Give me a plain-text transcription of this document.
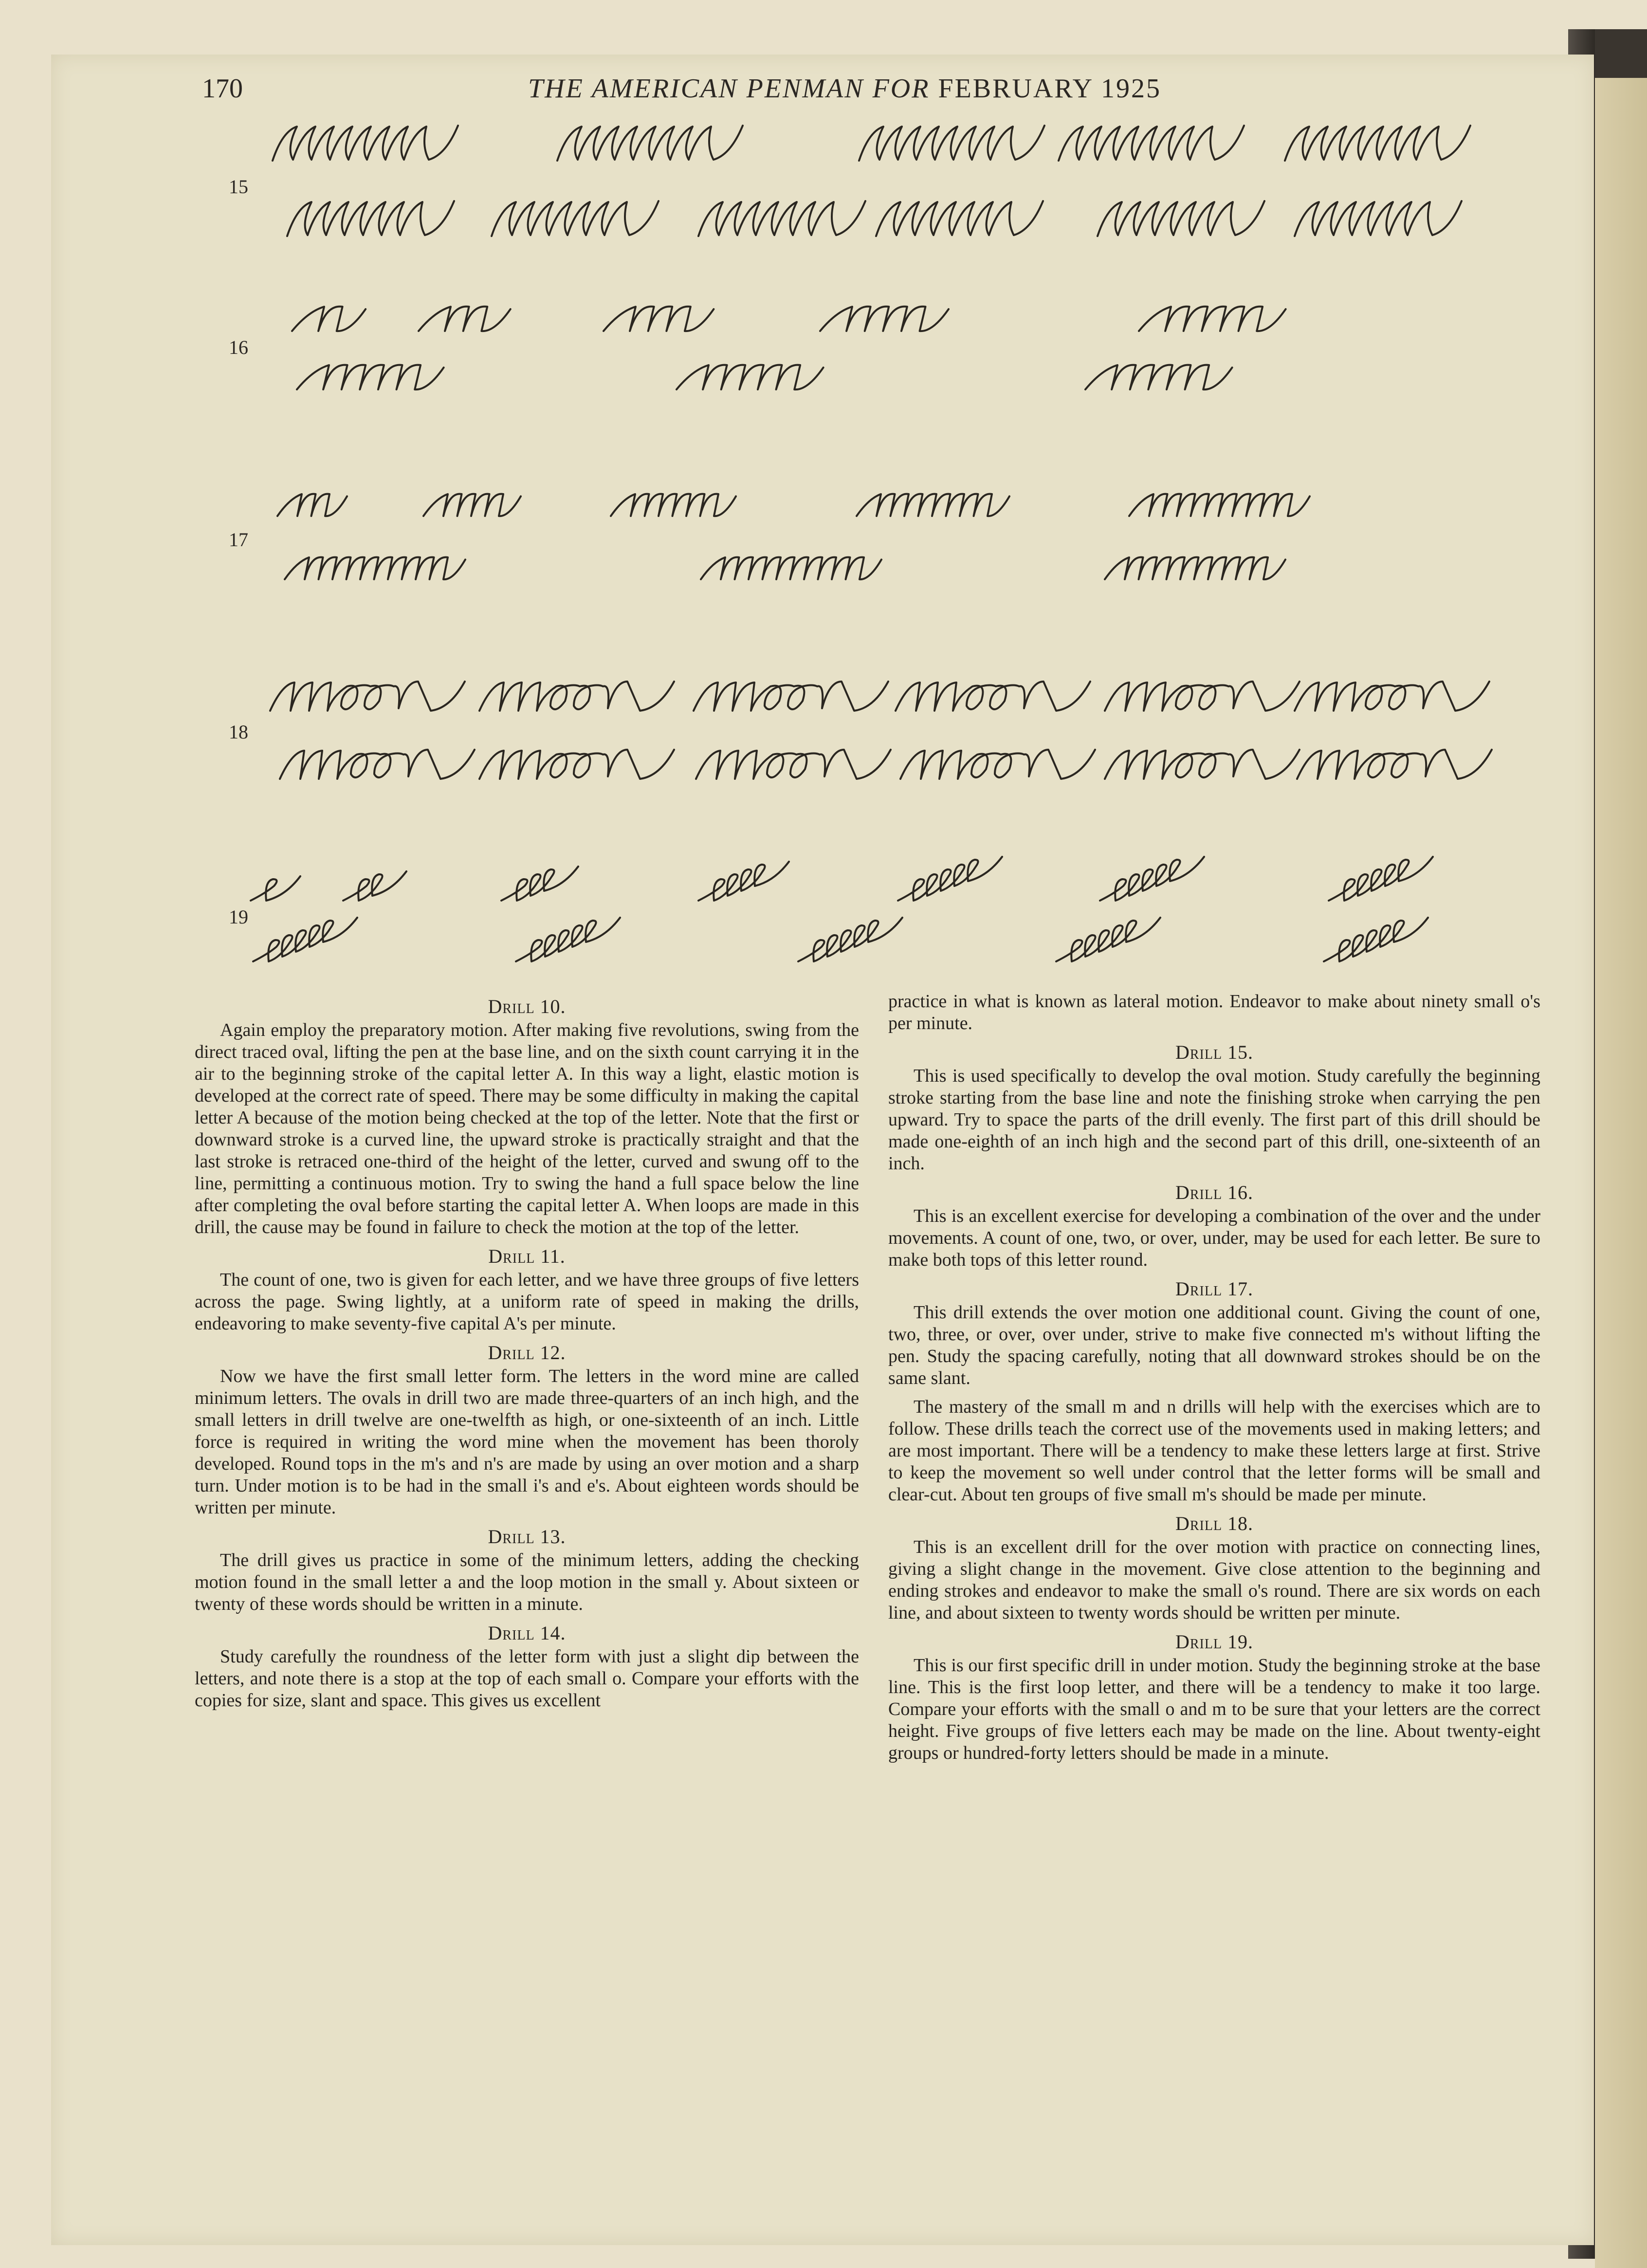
170	THE AMERICAN PENMAN FOR FEBRUARY 1925
15
16
17
18
19
Drill 10.

Again employ the preparatory motion. After making five revolutions, swing from the direct traced oval, lifting the pen at the base line, and on the sixth count carrying it in the air to the beginning stroke of the capital letter A. In this way a light, elastic motion is developed at the correct rate of speed. There may be some difficulty in making the capital letter A because of the motion being checked at the top of the letter. Note that the first or downward stroke is a curved line, the upward stroke is practically straight and that the last stroke is retraced one-third of the height of the letter, curved and swung off to the line, permitting a continuous motion. Try to swing the hand a full space below the line after completing the oval before starting the capital letter A. When loops are made in this drill, the cause may be found in failure to check the motion at the top of the letter.

Drill 11.

The count of one, two is given for each letter, and we have three groups of five letters across the page. Swing lightly, at a uniform rate of speed in making the drills, endeavoring to make seventy-five capital A's per minute.

Drill 12.

Now we have the first small letter form. The letters in the word mine are called minimum letters. The ovals in drill two are made three-quarters of an inch high, and the small letters in drill twelve are one-twelfth as high, or one-sixteenth of an inch. Little force is required in writing the word mine when the movement has been thoroly developed. Round tops in the m's and n's are made by using an over motion and a sharp turn. Under motion is to be had in the small i's and e's. About eighteen words should be written per minute.

Drill 13.

The drill gives us practice in some of the minimum letters, adding the checking motion found in the small letter a and the loop motion in the small y. About sixteen or twenty of these words should be written in a minute.

Drill 14.

Study carefully the roundness of the letter form with just a slight dip between the letters, and note there is a stop at the top of each small o. Compare your efforts with the copies for size, slant and space. This gives us excellent

practice in what is known as lateral motion. Endeavor to make about ninety small o's per minute.

Drill 15.

This is used specifically to develop the oval motion. Study carefully the beginning stroke starting from the base line and note the finishing stroke when carrying the pen upward. Try to space the parts of the drill evenly. The first part of this drill should be made one-eighth of an inch high and the second part of this drill, one-sixteenth of an inch.

Drill 16.

This is an excellent exercise for developing a combination of the over and the under movements. A count of one, two, or over, under, may be used for each letter. Be sure to make both tops of this letter round.

Drill 17.

This drill extends the over motion one additional count. Giving the count of one, two, three, or over, over under, strive to make five connected m's without lifting the pen. Study the spacing carefully, noting that all downward strokes should be on the same slant.

The mastery of the small m and n drills will help with the exercises which are to follow. These drills teach the correct use of the movements used in making letters; and are most important. There will be a tendency to make these letters large at first. Strive to keep the movement so well under control that the letter forms will be small and clear-cut. About ten groups of five small m's should be made per minute.

Drill 18.

This is an excellent drill for the over motion with practice on connecting lines, giving a slight change in the movement. Give close attention to the beginning and ending strokes and endeavor to make the small o's round. There are six words on each line, and about sixteen to twenty words should be written per minute.

Drill 19.

This is our first specific drill in under motion. Study the beginning stroke at the base line. This is the first loop letter, and there will be a tendency to make it too large. Compare your efforts with the small o and m to be sure that your letters are the correct height. Five groups of five letters each may be made on the line. About twenty-eight groups or hundred-forty letters should be made in a minute.
